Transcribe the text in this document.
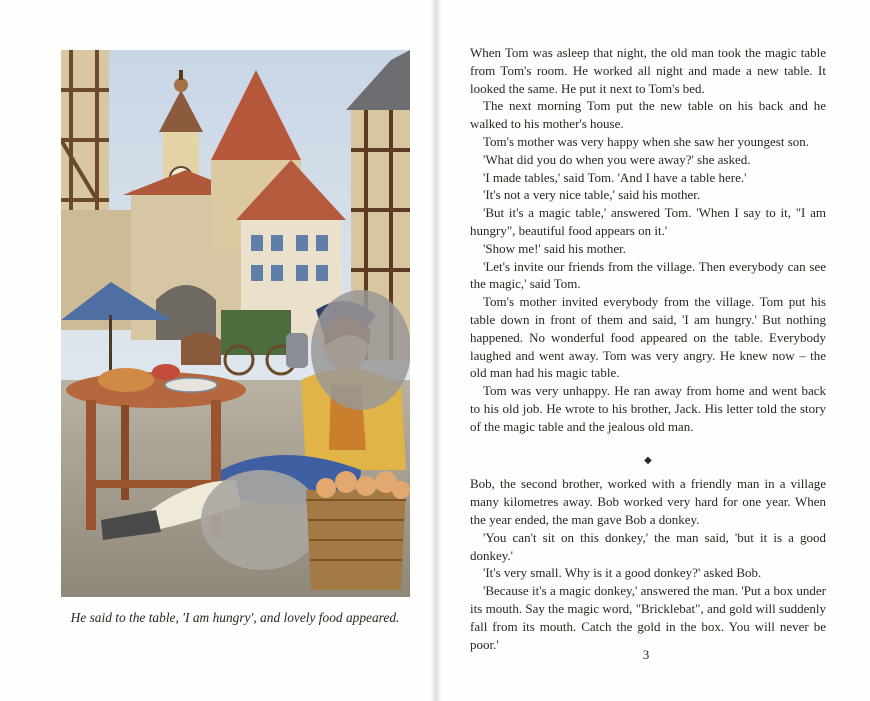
He said to the table, 'I am hungry', and lovely food appeared.

When Tom was asleep that night, the old man took the magic table from Tom's room. He worked all night and made a new table. It looked the same. He put it next to Tom's bed.

The next morning Tom put the new table on his back and he walked to his mother's house.

Tom's mother was very happy when she saw her youngest son.

'What did you do when you were away?' she asked.

'I made tables,' said Tom. 'And I have a table here.'

'It's not a very nice table,' said his mother.

'But it's a magic table,' answered Tom. 'When I say to it, "I am hungry", beautiful food appears on it.'

'Show me!' said his mother.

'Let's invite our friends from the village. Then everybody can see the magic,' said Tom.

Tom's mother invited everybody from the village. Tom put his table down in front of them and said, 'I am hungry.' But nothing happened. No wonderful food appeared on the table. Everybody laughed and went away. Tom was very angry. He knew now – the old man had his magic table.

Tom was very unhappy. He ran away from home and went back to his old job. He wrote to his brother, Jack. His letter told the story of the magic table and the jealous old man.

◆

Bob, the second brother, worked with a friendly man in a village many kilometres away. Bob worked very hard for one year. When the year ended, the man gave Bob a donkey.

'You can't sit on this donkey,' the man said, 'but it is a good donkey.'

'It's very small. Why is it a good donkey?' asked Bob.

'Because it's a magic donkey,' answered the man. 'Put a box under its mouth. Say the magic word, "Bricklebat", and gold will suddenly fall from its mouth. Catch the gold in the box. You will never be poor.'

3
